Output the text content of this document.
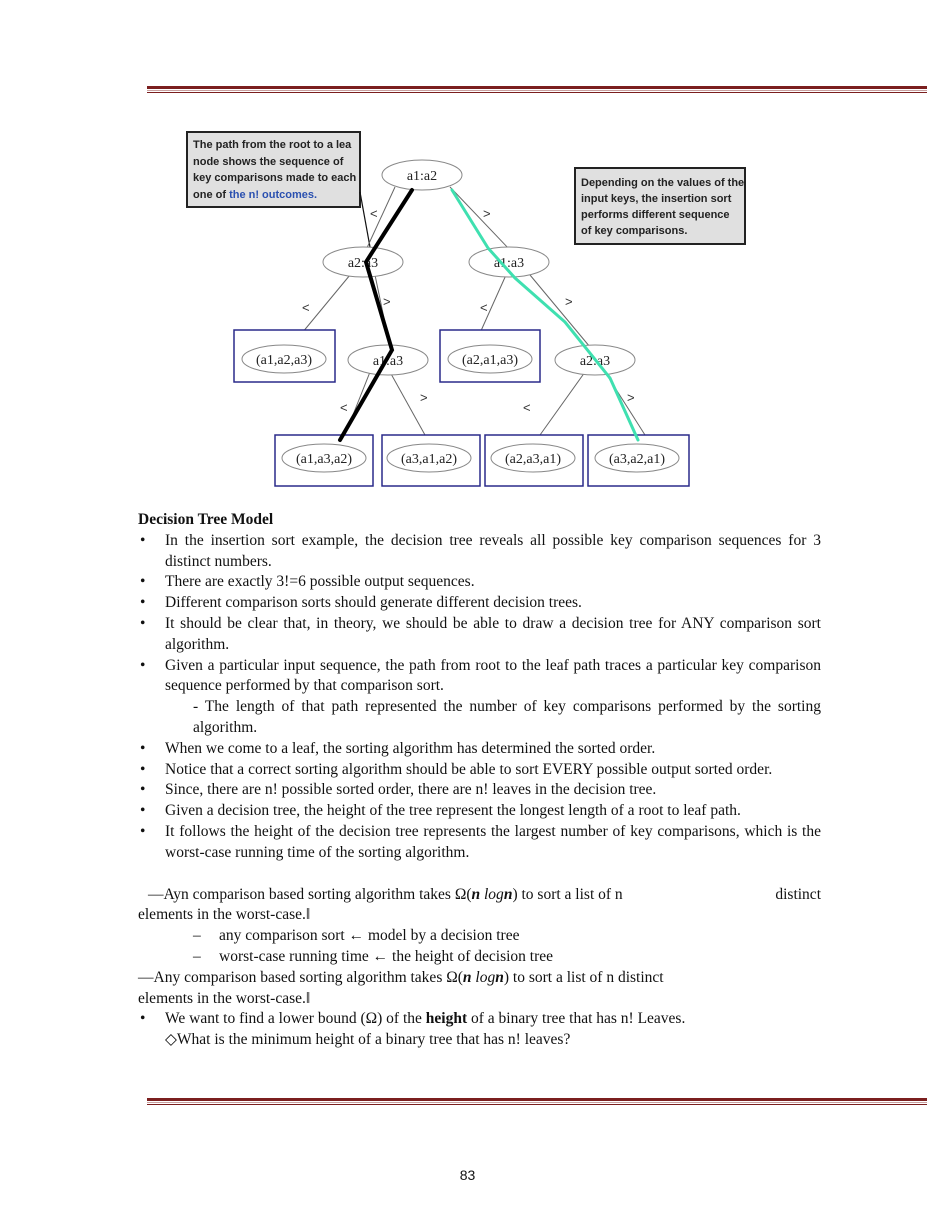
The path from the root to a lea node shows the sequence of key comparisons made to each one of the n! outcomes.
Depending on the values of the input keys, the insertion sort performs different sequence of key comparisons.
<	>
<	>	<	>
<
>
<
>
a1:a2
a2:a3	a1:a3
a1:a3	a2:a3
(a1,a2,a3)	(a2,a1,a3)
(a1,a3,a2)	(a3,a1,a2)	(a2,a3,a1)	(a3,a2,a1)
Decision Tree Model
• In the insertion sort example, the decision tree reveals all possible key comparison sequences for 3 distinct numbers.
• There are exactly 3!=6 possible output sequences.
• Different comparison sorts should generate different decision trees.
• It should be clear that, in theory, we should be able to draw a decision tree for ANY comparison sort algorithm.
• Given a particular input sequence, the path from root to the leaf path traces a particular key comparison sequence performed by that comparison sort.
- The length of that path represented the number of key comparisons performed by the sorting algorithm.
• When we come to a leaf, the sorting algorithm has determined the sorted order.
• Notice that a correct sorting algorithm should be able to sort EVERY possible output sorted order.
• Since, there are n! possible sorted order, there are n! leaves in the decision tree.
• Given a decision tree, the height of the tree represent the longest length of a root to leaf path.
• It follows the height of the decision tree represents the largest number of key comparisons, which is the worst-case running time of the sorting algorithm.
―Ayn comparison based sorting algorithm takes Ω(n logn) to sort a list of n	distinct
elements in the worst-case.‖
– any comparison sort ← model by a decision tree
– worst-case running time ← the height of decision tree
―Any comparison based sorting algorithm takes Ω(n logn) to sort a list of n distinct
elements in the worst-case.‖
• We want to find a lower bound (Ω) of the height of a binary tree that has n! Leaves.
◇What is the minimum height of a binary tree that has n! leaves?
83
